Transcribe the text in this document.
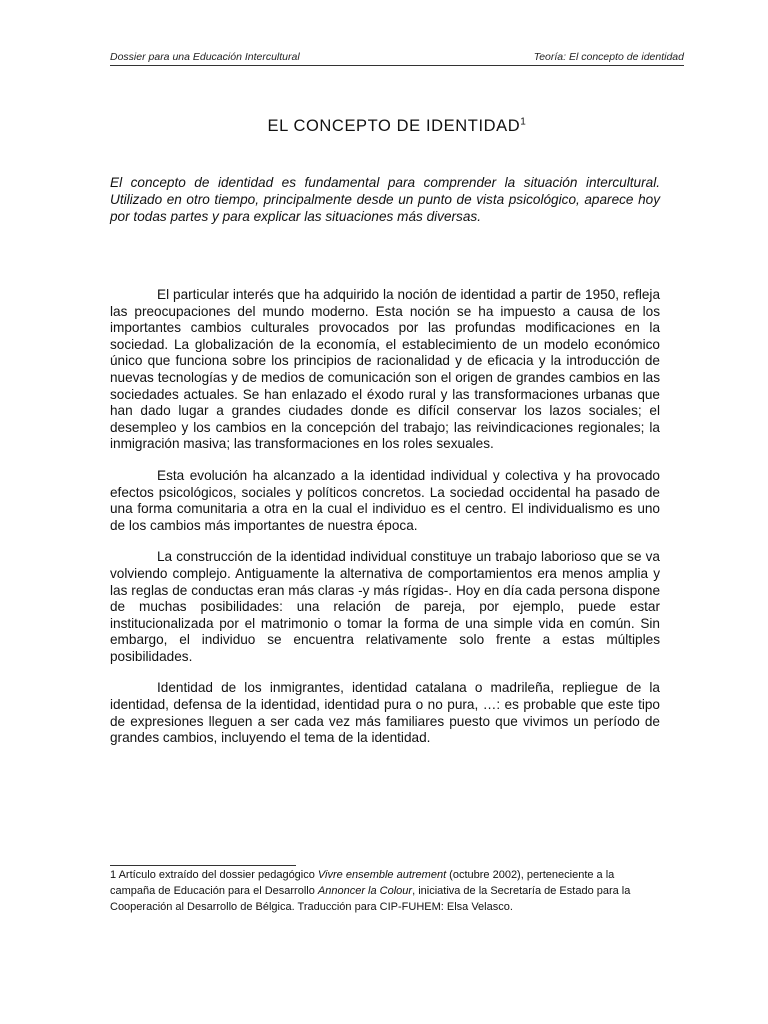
Dossier para una Educación Intercultural	Teoría: El concepto de identidad
EL CONCEPTO DE IDENTIDAD$^1$

El concepto de identidad es fundamental para comprender la situación intercultural. Utilizado en otro tiempo, principalmente desde un punto de vista psicológico, aparece hoy por todas partes y para explicar las situaciones más diversas.

El particular interés que ha adquirido la noción de identidad a partir de 1950, refleja las preocupaciones del mundo moderno. Esta noción se ha impuesto a causa de los importantes cambios culturales provocados por las profundas modificaciones en la sociedad. La globalización de la economía, el establecimiento de un modelo económico único que funciona sobre los principios de racionalidad y de eficacia y la introducción de nuevas tecnologías y de medios de comunicación son el origen de grandes cambios en las sociedades actuales. Se han enlazado el éxodo rural y las transformaciones urbanas que han dado lugar a grandes ciudades donde es difícil conservar los lazos sociales; el desempleo y los cambios en la concepción del trabajo; las reivindicaciones regionales; la inmigración masiva; las transformaciones en los roles sexuales.

Esta evolución ha alcanzado a la identidad individual y colectiva y ha provocado efectos psicológicos, sociales y políticos concretos. La sociedad occidental ha pasado de una forma comunitaria a otra en la cual el individuo es el centro. El individualismo es uno de los cambios más importantes de nuestra época.

La construcción de la identidad individual constituye un trabajo laborioso que se va volviendo complejo. Antiguamente la alternativa de comportamientos era menos amplia y las reglas de conductas eran más claras -y más rígidas-. Hoy en día cada persona dispone de muchas posibilidades: una relación de pareja, por ejemplo, puede estar institucionalizada por el matrimonio o tomar la forma de una simple vida en común. Sin embargo, el individuo se encuentra relativamente solo frente a estas múltiples posibilidades.

Identidad de los inmigrantes, identidad catalana o madrileña, repliegue de la identidad, defensa de la identidad, identidad pura o no pura, …: es probable que este tipo de expresiones lleguen a ser cada vez más familiares puesto que vivimos un período de grandes cambios, incluyendo el tema de la identidad.

1 Artículo extraído del dossier pedagógico Vivre ensemble autrement (octubre 2002), perteneciente a la campaña de Educación para el Desarrollo Annoncer la Colour, iniciativa de la Secretaría de Estado para la Cooperación al Desarrollo de Bélgica. Traducción para CIP-FUHEM: Elsa Velasco.
